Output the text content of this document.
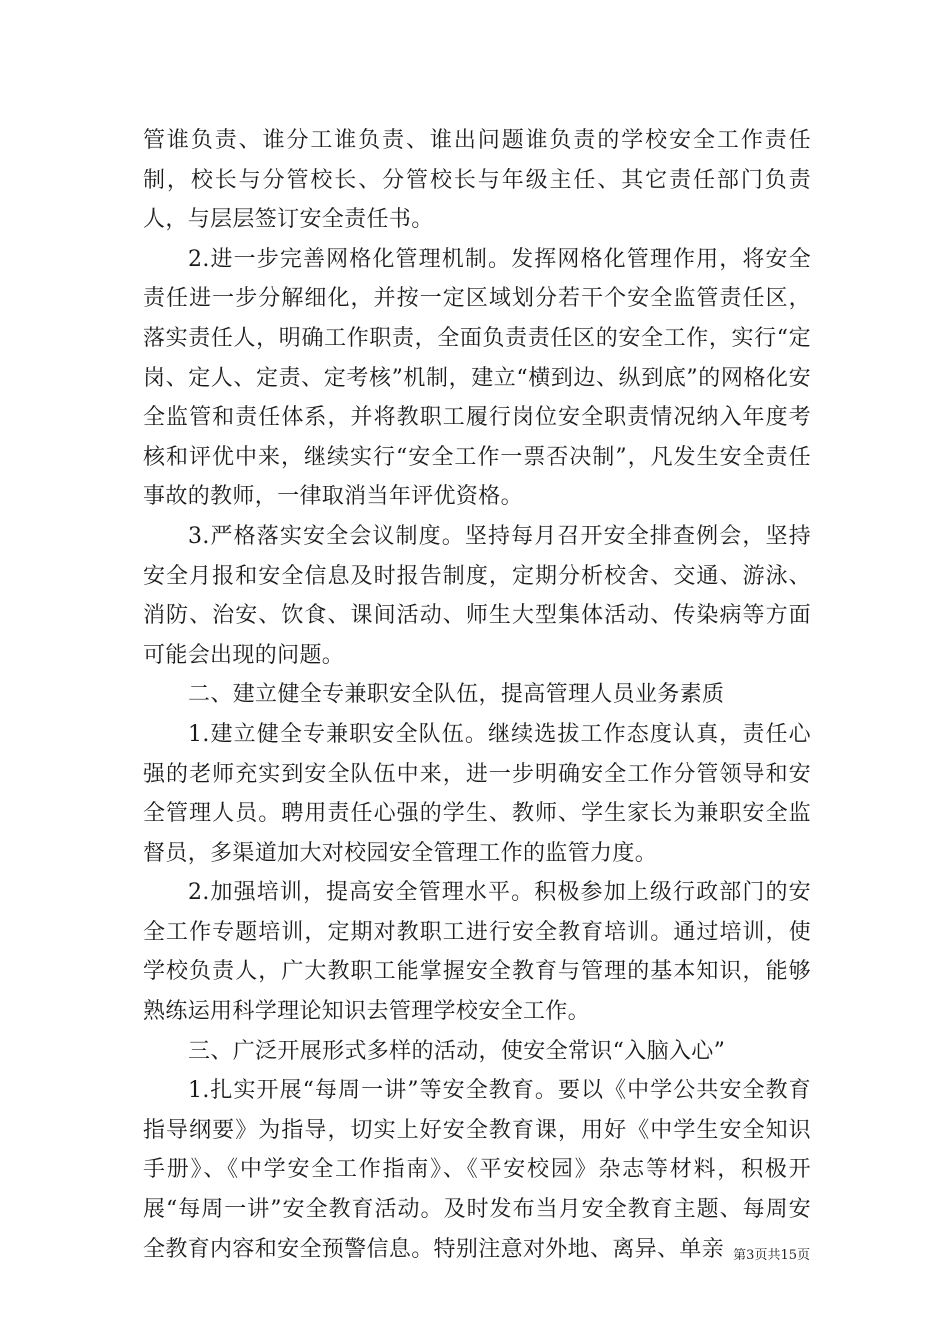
管谁负责、谁分工谁负责、谁出问题谁负责的学校安全工作责任制，校长与分管校长、分管校长与年级主任、其它责任部门负责人，与层层签订安全责任书。

2.进一步完善网格化管理机制。发挥网格化管理作用，将安全责任进一步分解细化，并按一定区域划分若干个安全监管责任区，落实责任人，明确工作职责，全面负责责任区的安全工作，实行“定岗、定人、定责、定考核”机制，建立“横到边、纵到底”的网格化安全监管和责任体系，并将教职工履行岗位安全职责情况纳入年度考核和评优中来，继续实行“安全工作一票否决制”，凡发生安全责任事故的教师，一律取消当年评优资格。

3.严格落实安全会议制度。坚持每月召开安全排查例会，坚持安全月报和安全信息及时报告制度，定期分析校舍、交通、游泳、消防、治安、饮食、课间活动、师生大型集体活动、传染病等方面可能会出现的问题。

二、建立健全专兼职安全队伍，提高管理人员业务素质

1.建立健全专兼职安全队伍。继续选拔工作态度认真，责任心强的老师充实到安全队伍中来，进一步明确安全工作分管领导和安全管理人员。聘用责任心强的学生、教师、学生家长为兼职安全监督员，多渠道加大对校园安全管理工作的监管力度。

2.加强培训，提高安全管理水平。积极参加上级行政部门的安全工作专题培训，定期对教职工进行安全教育培训。通过培训，使学校负责人，广大教职工能掌握安全教育与管理的基本知识，能够熟练运用科学理论知识去管理学校安全工作。

三、广泛开展形式多样的活动，使安全常识“入脑入心”

1.扎实开展“每周一讲”等安全教育。要以《中学公共安全教育指导纲要》为指导，切实上好安全教育课，用好《中学生安全知识手册》、《中学安全工作指南》、《平安校园》杂志等材料，积极开展“每周一讲”安全教育活动。及时发布当月安全教育主题、每周安全教育内容和安全预警信息。特别注意对外地、离异、单亲 第3页共15页
